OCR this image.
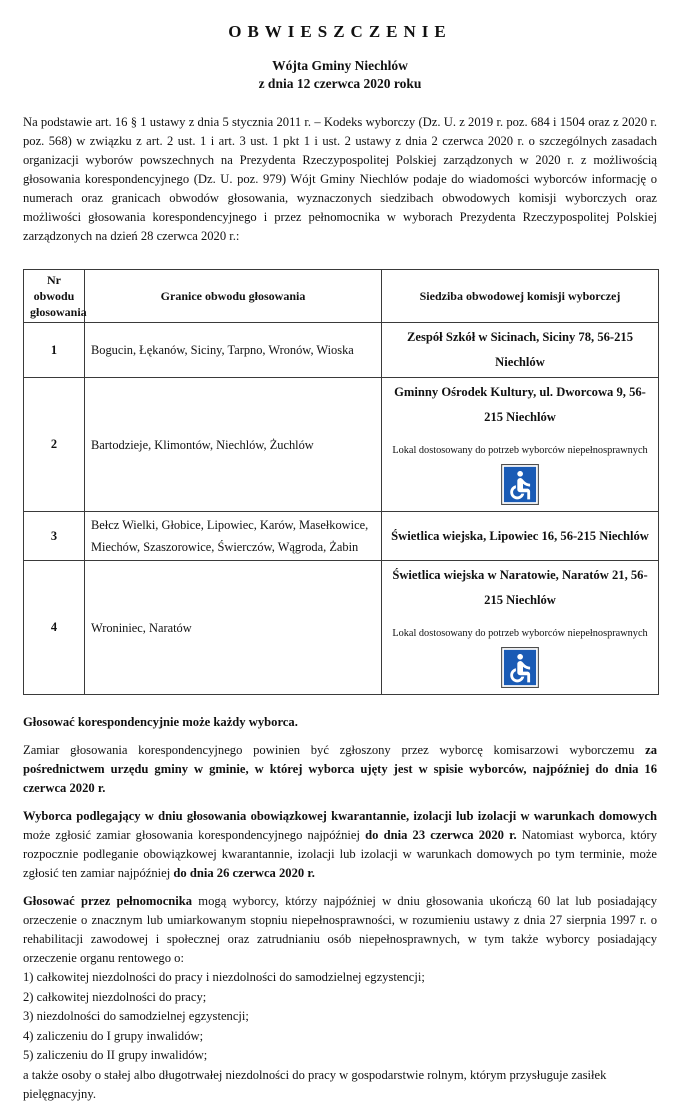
OBWIESZCZENIE
Wójta Gminy Niechlów
z dnia 12 czerwca 2020 roku
Na podstawie art. 16 § 1 ustawy z dnia 5 stycznia 2011 r. – Kodeks wyborczy (Dz. U. z 2019 r. poz. 684 i 1504 oraz z 2020 r. poz. 568) w związku z art. 2 ust. 1 i art. 3 ust. 1 pkt 1 i ust. 2 ustawy z dnia 2 czerwca 2020 r. o szczególnych zasadach organizacji wyborów powszechnych na Prezydenta Rzeczypospolitej Polskiej zarządzonych w 2020 r. z możliwością głosowania korespondencyjnego (Dz. U. poz. 979) Wójt Gminy Niechlów podaje do wiadomości wyborców informację o numerach oraz granicach obwodów głosowania, wyznaczonych siedzibach obwodowych komisji wyborczych oraz możliwości głosowania korespondencyjnego i przez pełnomocnika w wyborach Prezydenta Rzeczypospolitej Polskiej zarządzonych na dzień 28 czerwca 2020 r.:
Nr obwodu głosowania	Granice obwodu głosowania	Siedziba obwodowej komisji wyborczej
1	Bogucin, Łękanów, Siciny, Tarpno, Wronów, Wioska	Zespół Szkół w Sicinach, Siciny 78, 56-215 Niechlów

2	Bartodzieje, Klimontów, Niechlów, Żuchlów	Gminny Ośrodek Kultury, ul. Dworcowa 9, 56-215 Niechlów
Lokal dostosowany do potrzeb wyborców niepełnosprawnych

3	Bełcz Wielki, Głobice, Lipowiec, Karów, Masełkowice, Miechów, Szaszorowice, Świerczów, Wągroda, Żabin	Świetlica wiejska, Lipowiec 16, 56-215 Niechlów

4	Wroniniec, Naratów	Świetlica wiejska w Naratowie, Naratów 21, 56-215 Niechlów
Lokal dostosowany do potrzeb wyborców niepełnosprawnych
Głosować korespondencyjnie może każdy wyborca.
Zamiar głosowania korespondencyjnego powinien być zgłoszony przez wyborcę komisarzowi wyborczemu za pośrednictwem urzędu gminy w gminie, w której wyborca ujęty jest w spisie wyborców, najpóźniej do dnia 16 czerwca 2020 r.
Wyborca podlegający w dniu głosowania obowiązkowej kwarantannie, izolacji lub izolacji w warunkach domowych może zgłosić zamiar głosowania korespondencyjnego najpóźniej do dnia 23 czerwca 2020 r. Natomiast wyborca, który rozpocznie podleganie obowiązkowej kwarantannie, izolacji lub izolacji w warunkach domowych po tym terminie, może zgłosić ten zamiar najpóźniej do dnia 26 czerwca 2020 r.
Głosować przez pełnomocnika mogą wyborcy, którzy najpóźniej w dniu głosowania ukończą 60 lat lub posiadający orzeczenie o znacznym lub umiarkowanym stopniu niepełnosprawności, w rozumieniu ustawy z dnia 27 sierpnia 1997 r. o rehabilitacji zawodowej i społecznej oraz zatrudnianiu osób niepełnosprawnych, w tym także wyborcy posiadający orzeczenie organu rentowego o:
1) całkowitej niezdolności do pracy i niezdolności do samodzielnej egzystencji;
2) całkowitej niezdolności do pracy;
3) niezdolności do samodzielnej egzystencji;
4) zaliczeniu do I grupy inwalidów;
5) zaliczeniu do II grupy inwalidów;
a także osoby o stałej albo długotrwałej niezdolności do pracy w gospodarstwie rolnym, którym przysługuje zasiłek pielęgnacyjny.
